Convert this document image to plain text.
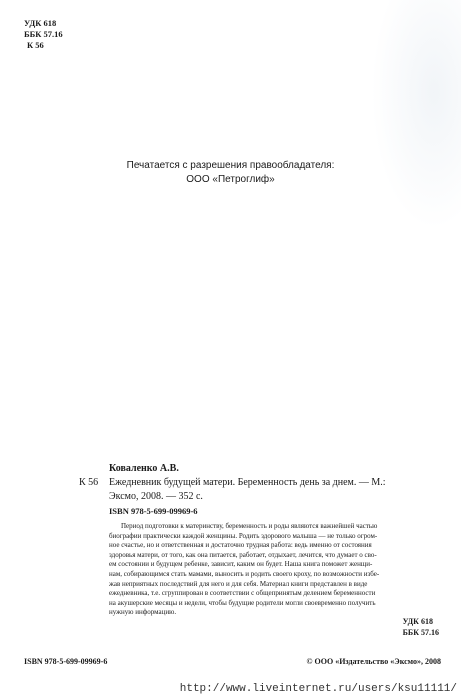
УДК 618
ББК 57.16
К 56
Печатается с разрешения правообладателя:
ООО «Петроглиф»
К 56
Коваленко А.В.
Ежедневник будущей матери. Беременность день за днем. — М.:
Эксмо, 2008. — 352 с.
ISBN 978-5-699-09969-6
Период подготовки к материнству, беременность и роды являются важнейшей частью
биографии практически каждой женщины. Родить здорового малыша — не только огром-
ное счастье, но и ответственная и достаточно трудная работа: ведь именно от состояния
здоровья матери, от того, как она питается, работает, отдыхает, лечится, что думает о сво-
ем состоянии и будущем ребенке, зависит, каким он будет. Наша книга поможет женщи-
нам, собирающимся стать мамами, выносить и родить своего кроху, по возможности избе-
жав неприятных последствий для него и для себя. Материал книги представлен в виде
ежедневника, т.е. сгруппирован в соответствии с общепринятым делением беременности
на акушерские месяцы и недели, чтобы будущие родители могли своевременно получить
нужную информацию.
УДК 618
ББК 57.16
ISBN 978-5-699-09969-6	© ООО «Издательство «Эксмо», 2008
http://www.liveinternet.ru/users/ksu11111/
